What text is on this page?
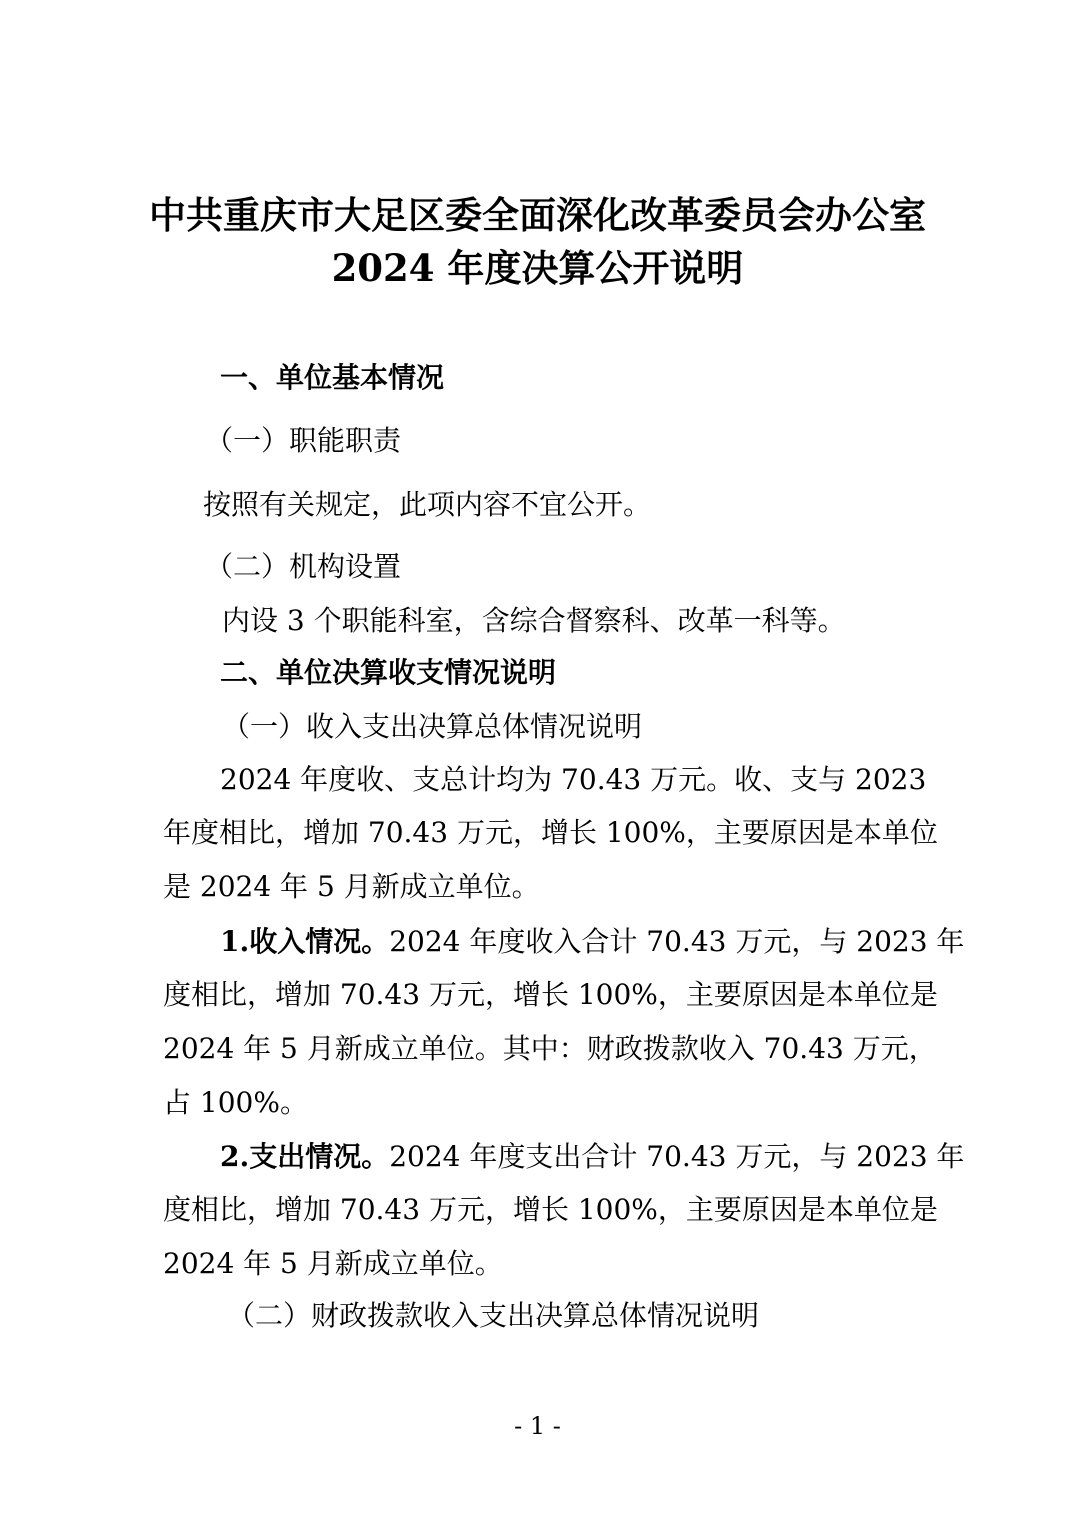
中共重庆市大足区委全面深化改革委员会办公室
2024 年度决算公开说明
一、单位基本情况
（一）职能职责
按照有关规定，此项内容不宜公开。
（二）机构设置
内设 3 个职能科室，含综合督察科、改革一科等。
二、单位决算收支情况说明
（一）收入支出决算总体情况说明
2024 年度收、支总计均为 70.43 万元。收、支与 2023
年度相比，增加 70.43 万元，增长 100%，主要原因是本单位
是 2024 年 5 月新成立单位。
1.收入情况。 2024 年度收入合计 70.43 万元，与 2023 年
度相比，增加 70.43 万元，增长 100%，主要原因是本单位是
2024 年 5 月新成立单位。其中：财政拨款收入 70.43 万元，
占 100%。
2.支出情况。 2024 年度支出合计 70.43 万元，与 2023 年
度相比，增加 70.43 万元，增长 100%，主要原因是本单位是
2024 年 5 月新成立单位。
（二）财政拨款收入支出决算总体情况说明
- 1 -
